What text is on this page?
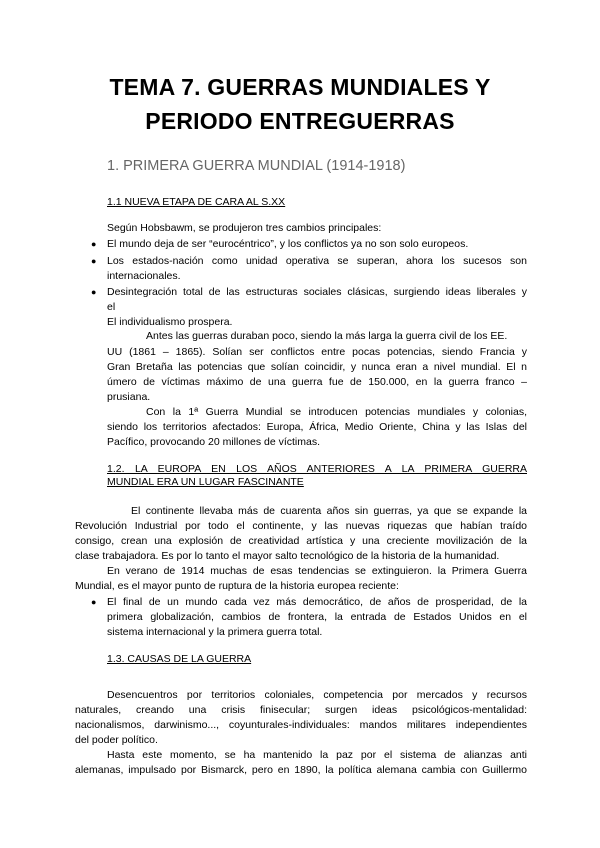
TEMA 7. GUERRAS MUNDIALES Y
PERIODO ENTREGUERRAS
1. PRIMERA GUERRA MUNDIAL (1914-1918)
1.1 NUEVA ETAPA DE CARA AL S.XX
Según Hobsbawm, se produjeron tres cambios principales:
● El mundo deja de ser “eurocéntrico”, y los conflictos ya no son solo europeos.
● Los estados-nación como unidad operativa se superan, ahora los sucesos son
internacionales.
● Desintegración total de las estructuras sociales clásicas, surgiendo ideas liberales y
el
El individualismo prospera.
Antes las guerras duraban poco, siendo la más larga la guerra civil de los EE.
UU (1861 – 1865). Solían ser conflictos entre pocas potencias, siendo Francia y
Gran Bretaña las potencias que solían coincidir, y nunca eran a nivel mundial. El n
úmero de víctimas máximo de una guerra fue de 150.000, en la guerra franco –
prusiana.
Con la 1ª Guerra Mundial se introducen potencias mundiales y colonias,
siendo los territorios afectados: Europa, África, Medio Oriente, China y las Islas del
Pacífico, provocando 20 millones de víctimas.
1.2. LA EUROPA EN LOS AÑOS ANTERIORES A LA PRIMERA GUERRA
MUNDIAL ERA UN LUGAR FASCINANTE
El continente llevaba más de cuarenta años sin guerras, ya que se expande la
Revolución Industrial por todo el continente, y las nuevas riquezas que habían traído
consigo, crean una explosión de creatividad artística y una creciente movilización de la
clase trabajadora. Es por lo tanto el mayor salto tecnológico de la historia de la humanidad.
En verano de 1914 muchas de esas tendencias se extinguieron. la Primera Guerra
Mundial, es el mayor punto de ruptura de la historia europea reciente:
● El final de un mundo cada vez más democrático, de años de prosperidad, de la
primera globalización, cambios de frontera, la entrada de Estados Unidos en el
sistema internacional y la primera guerra total.
1.3. CAUSAS DE LA GUERRA
Desencuentros por territorios coloniales, competencia por mercados y recursos
naturales, creando una crisis finisecular; surgen ideas psicológicos-mentalidad:
nacionalismos, darwinismo..., coyunturales-individuales: mandos militares independientes
del poder político.
Hasta este momento, se ha mantenido la paz por el sistema de alianzas anti
alemanas, impulsado por Bismarck, pero en 1890, la política alemana cambia con Guillermo
